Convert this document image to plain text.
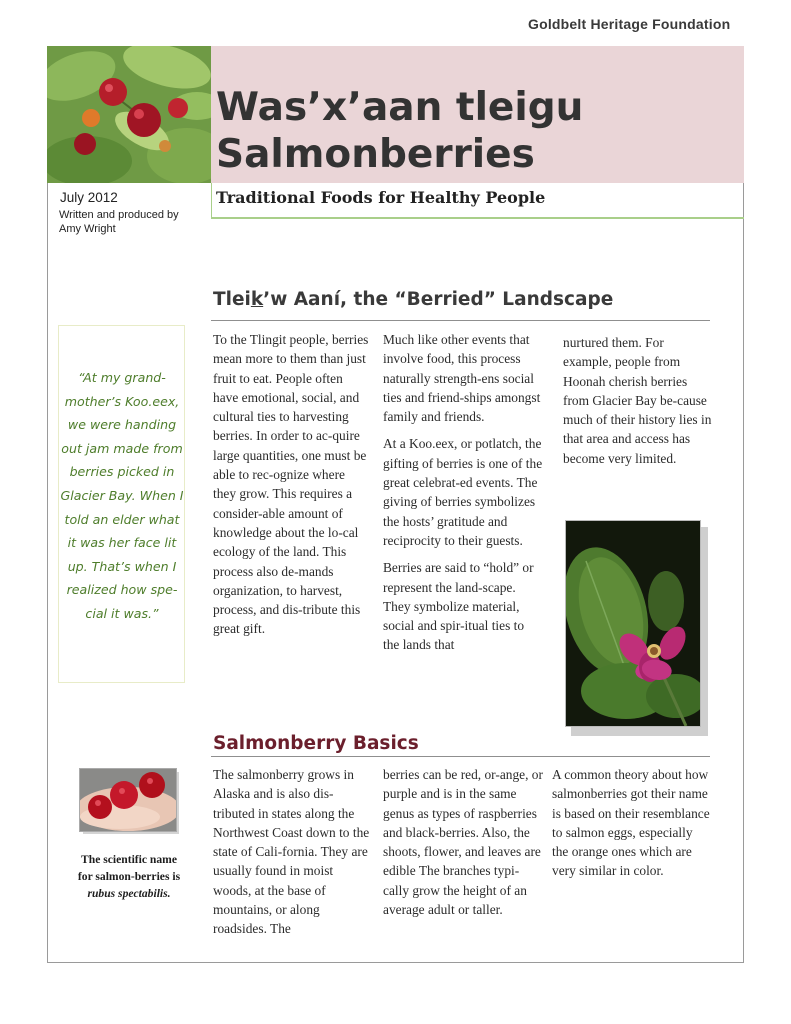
Goldbelt Heritage Foundation
Was’x’aan tleigu
Salmonberries

Traditional Foods for Healthy People

July 2012
Written and produced by
Amy Wright
Tleik’w Aaní, the “Berried” Landscape

“At my grand-mother’s Koo.eex, we were handing out jam made from berries picked in Glacier Bay. When I told an elder what it was her face lit up. That’s when I realized how spe-cial it was.”

To the Tlingit people, berries mean more to them than just fruit to eat. People often have emotional, social, and cultural ties to harvesting berries. In order to ac-quire large quantities, one must be able to rec-ognize where they grow. This requires a consider-able amount of knowledge about the lo-cal ecology of the land. This process also de-mands organization, to harvest, process, and dis-tribute this great gift.

Much like other events that involve food, this process naturally strength-ens social ties and friend-ships amongst family and friends.

At a Koo.eex, or potlatch, the gifting of berries is one of the great celebrat-ed events. The giving of berries symbolizes the hosts’ gratitude and reciprocity to their guests.

Berries are said to “hold” or represent the land-scape. They symbolize material, social and spir-itual ties to the lands that

nurtured them. For example, people from Hoonah cherish berries from Glacier Bay be-cause much of their history lies in that area and access has become very limited.

Salmonberry Basics

The scientific name for salmon-berries is rubus spectabilis.

The salmonberry grows in Alaska and is also dis-tributed in states along the Northwest Coast down to the state of Cali-fornia. They are usually found in moist woods, at the base of mountains, or along roadsides. The

berries can be red, or-ange, or purple and is in the same genus as types of raspberries and black-berries. Also, the shoots, flower, and leaves are edible The branches typi-cally grow the height of an average adult or taller.

A common theory about how salmonberries got their name is based on their resemblance to salmon eggs, especially the orange ones which are very similar in color.
